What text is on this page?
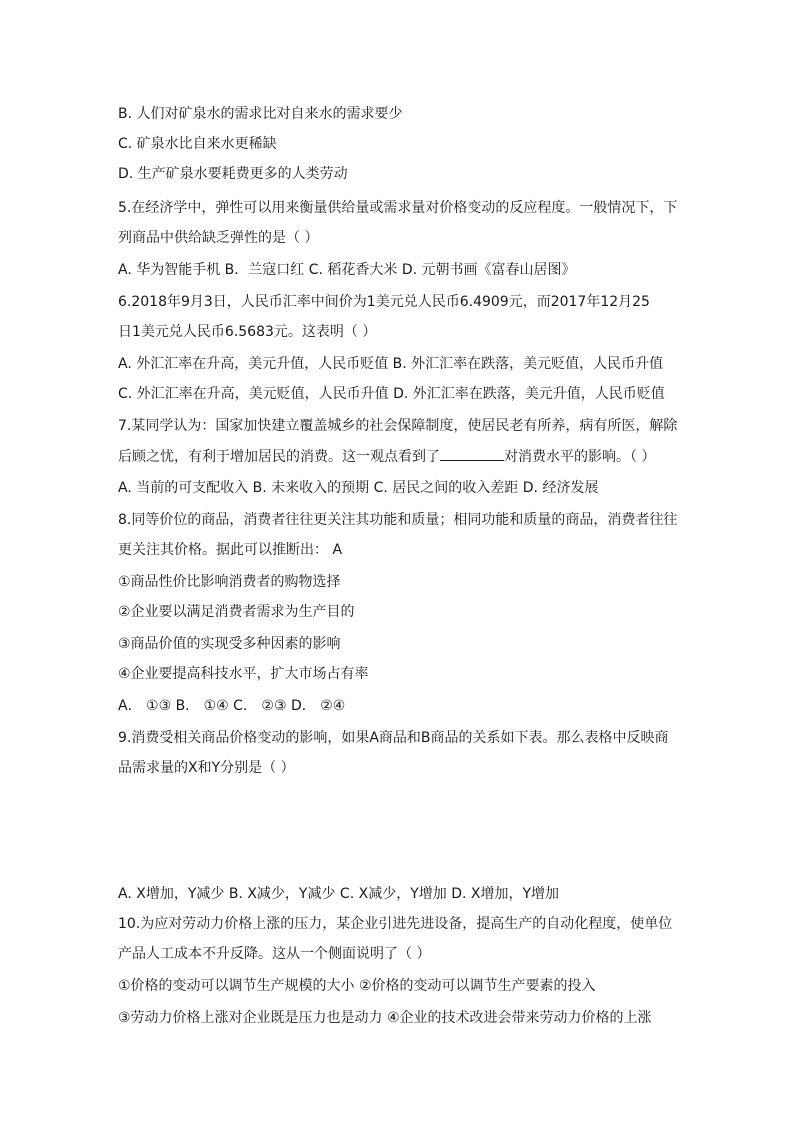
B. 人们对矿泉水的需求比对自来水的需求要少
C. 矿泉水比自来水更稀缺
D. 生产矿泉水要耗费更多的人类劳动
5.在经济学中，弹性可以用来衡量供给量或需求量对价格变动的反应程度。一般情况下，下
列商品中供给缺乏弹性的是（ ）
A. 华为智能手机 B．兰寇口红 C. 稻花香大米 D. 元朝书画《富春山居图》
6.2018年9月3日，人民币汇率中间价为1美元兑人民币6.4909元，而2017年12月25
日1美元兑人民币6.5683元。这表明（ ）
A. 外汇汇率在升高，美元升值，人民币贬值 B. 外汇汇率在跌落，美元贬值，人民币升值
C. 外汇汇率在升高，美元贬值，人民币升值 D. 外汇汇率在跌落，美元升值，人民币贬值
7.某同学认为：国家加快建立覆盖城乡的社会保障制度，使居民老有所养，病有所医，解除
后顾之忧，有利于增加居民的消费。这一观点看到了	对消费水平的影响。（ ）
A. 当前的可支配收入 B. 未来收入的预期 C. 居民之间的收入差距 D. 经济发展
8.同等价位的商品，消费者往往更关注其功能和质量；相同功能和质量的商品，消费者往往
更关注其价格。据此可以推断出： A
①商品性价比影响消费者的购物选择
②企业要以满足消费者需求为生产目的
③商品价值的实现受多种因素的影响
④企业要提高科技水平，扩大市场占有率
A． ①③ B． ①④ C． ②③ D． ②④
9.消费受相关商品价格变动的影响，如果A商品和B商品的关系如下表。那么表格中反映商
品需求量的X和Y分别是（ ）
A. X增加，Y减少 B. X减少，Y减少 C. X减少，Y增加 D. X增加，Y增加
10.为应对劳动力价格上涨的压力，某企业引进先进设备，提高生产的自动化程度，使单位
产品人工成本不升反降。这从一个侧面说明了（ ）
①价格的变动可以调节生产规模的大小 ②价格的变动可以调节生产要素的投入
③劳动力价格上涨对企业既是压力也是动力 ④企业的技术改进会带来劳动力价格的上涨
